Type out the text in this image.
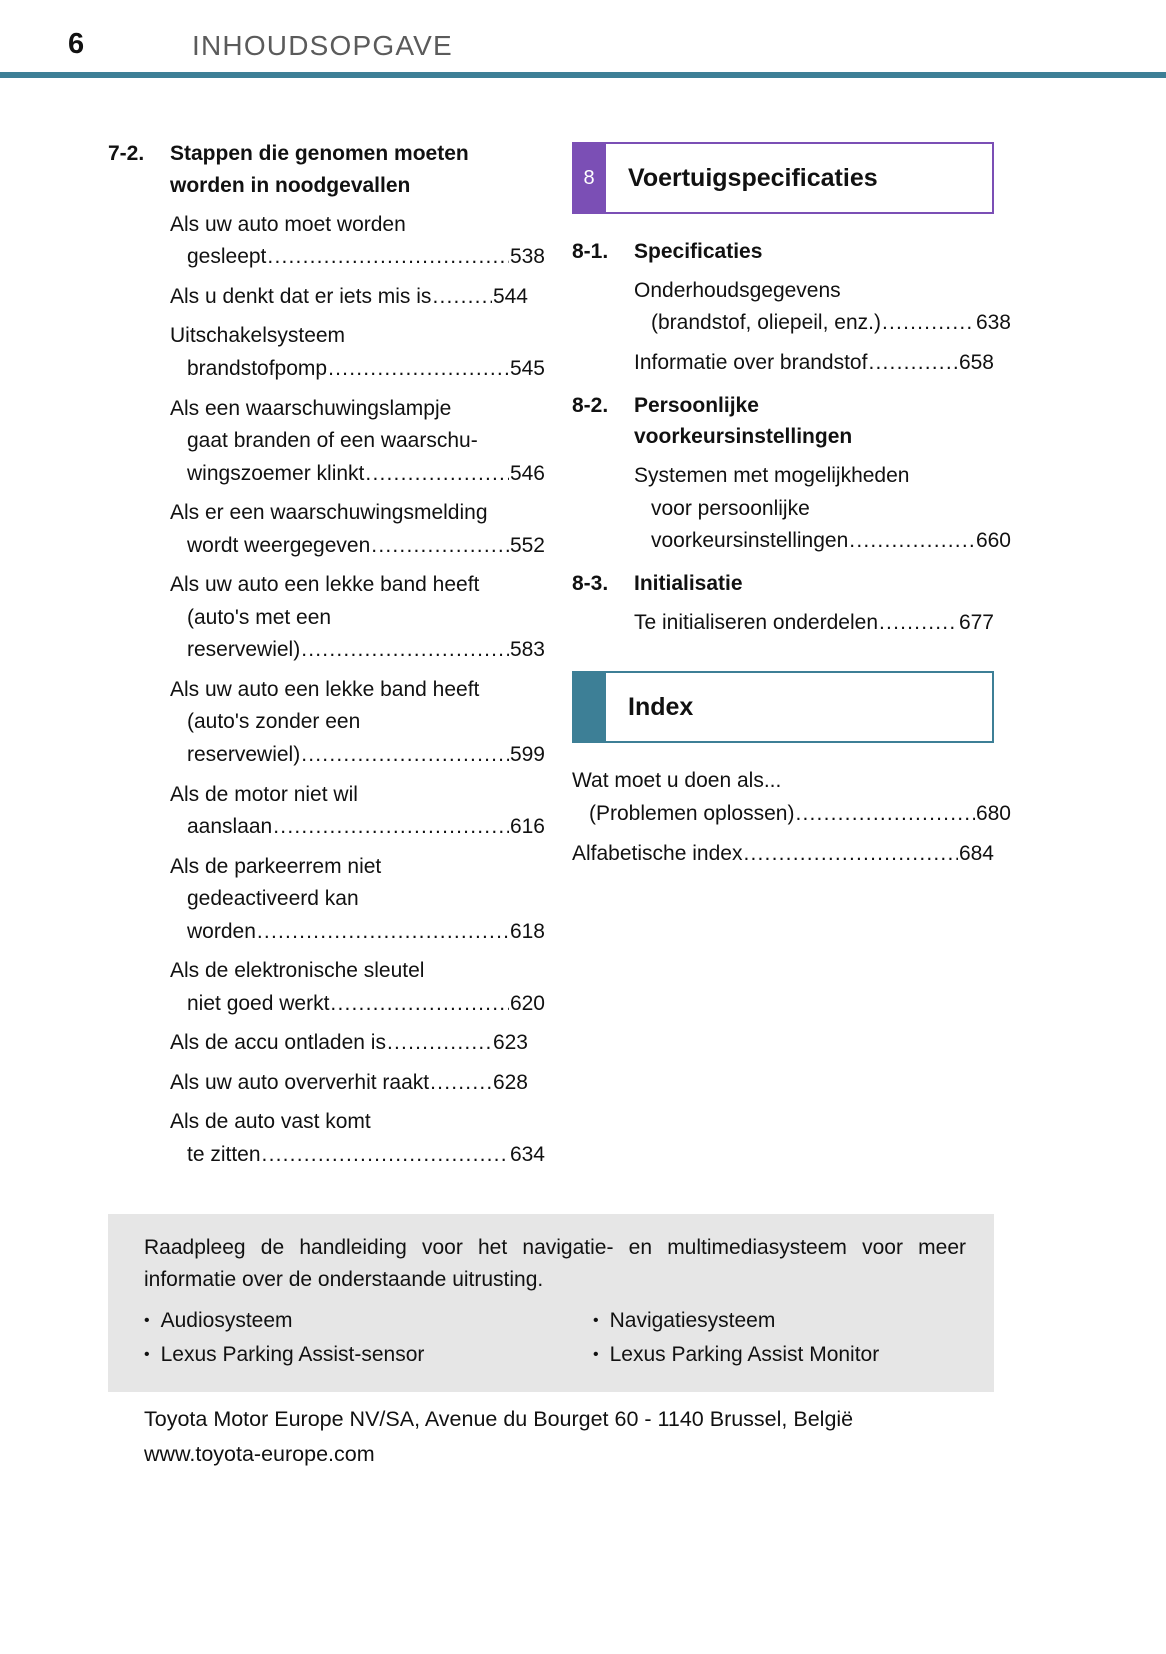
6	INHOUDSOPGAVE
7-2.	Stappen die genomen moeten
worden in noodgevallen
Als uw auto moet worden
gesleept .....	538
Als u denkt dat er iets mis is .....	544
Uitschakelsysteem
brandstofpomp .....	545
Als een waarschuwingslampje
gaat branden of een waarschu-
wingszoemer klinkt .....	546
Als er een waarschuwingsmelding
wordt weergegeven .....	552
Als uw auto een lekke band heeft
(auto's met een
reservewiel) .....	583
Als uw auto een lekke band heeft
(auto's zonder een
reservewiel) .....	599
Als de motor niet wil
aanslaan .....	616
Als de parkeerrem niet
gedeactiveerd kan
worden .....	618
Als de elektronische sleutel
niet goed werkt .....	620
Als de accu ontladen is .....	623
Als uw auto oververhit raakt .....	628
Als de auto vast komt
te zitten .....	634
8	Voertuigspecificaties
8-1.	Specificaties
Onderhoudsgegevens
(brandstof, oliepeil, enz.) .....	638
Informatie over brandstof .....	658
8-2.	Persoonlijke
voorkeursinstellingen
Systemen met mogelijkheden
voor persoonlijke
voorkeursinstellingen .....	660
8-3.	Initialisatie
Te initialiseren onderdelen .....	677
Index
Wat moet u doen als...
(Problemen oplossen) .....	680
Alfabetische index .....	684

Raadpleeg de handleiding voor het navigatie- en multimediasysteem voor meer informatie over de onderstaande uitrusting.

• Audiosysteem
• Lexus Parking Assist-sensor
• Navigatiesysteem
• Lexus Parking Assist Monitor
Toyota Motor Europe NV/SA, Avenue du Bourget 60 - 1140 Brussel, België
www.toyota-europe.com
